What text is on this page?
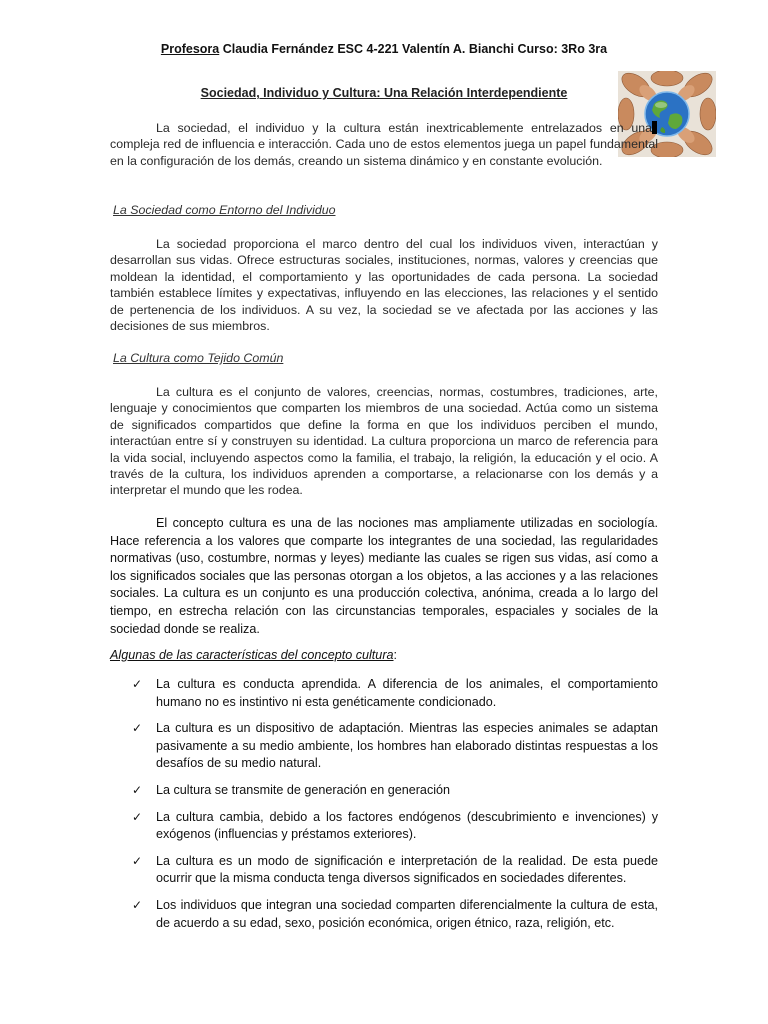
Profesora Claudia Fernández ESC 4-221 Valentín A. Bianchi Curso: 3Ro 3ra
Sociedad, Individuo y Cultura: Una Relación Interdependiente
La sociedad, el individuo y la cultura están inextricablemente entrelazados en una compleja red de influencia e interacción. Cada uno de estos elementos juega un papel fundamental en la configuración de los demás, creando un sistema dinámico y en constante evolución.
La Sociedad como Entorno del Individuo
La sociedad proporciona el marco dentro del cual los individuos viven, interactúan y desarrollan sus vidas. Ofrece estructuras sociales, instituciones, normas, valores y creencias que moldean la identidad, el comportamiento y las oportunidades de cada persona. La sociedad también establece límites y expectativas, influyendo en las elecciones, las relaciones y el sentido de pertenencia de los individuos. A su vez, la sociedad se ve afectada por las acciones y las decisiones de sus miembros.
La Cultura como Tejido Común
La cultura es el conjunto de valores, creencias, normas, costumbres, tradiciones, arte, lenguaje y conocimientos que comparten los miembros de una sociedad. Actúa como un sistema de significados compartidos que define la forma en que los individuos perciben el mundo, interactúan entre sí y construyen su identidad. La cultura proporciona un marco de referencia para la vida social, incluyendo aspectos como la familia, el trabajo, la religión, la educación y el ocio. A través de la cultura, los individuos aprenden a comportarse, a relacionarse con los demás y a interpretar el mundo que les rodea.
El concepto cultura es una de las nociones mas ampliamente utilizadas en sociología. Hace referencia a los valores que comparte los integrantes de una sociedad, las regularidades normativas (uso, costumbre, normas y leyes) mediante las cuales se rigen sus vidas, así como a los significados sociales que las personas otorgan a los objetos, a las acciones y a las relaciones sociales. La cultura es un conjunto es una producción colectiva, anónima, creada a lo largo del tiempo, en estrecha relación con las circunstancias temporales, espaciales y sociales de la sociedad donde se realiza.
Algunas de las características del concepto cultura:
✓ La cultura es conducta aprendida. A diferencia de los animales, el comportamiento humano no es instintivo ni esta genéticamente condicionado.
✓ La cultura es un dispositivo de adaptación. Mientras las especies animales se adaptan pasivamente a su medio ambiente, los hombres han elaborado distintas respuestas a los desafíos de su medio natural.
✓ La cultura se transmite de generación en generación
✓ La cultura cambia, debido a los factores endógenos (descubrimiento e invenciones) y exógenos (influencias y préstamos exteriores).
✓ La cultura es un modo de significación e interpretación de la realidad. De esta puede ocurrir que la misma conducta tenga diversos significados en sociedades diferentes.
✓ Los individuos que integran una sociedad comparten diferencialmente la cultura de esta, de acuerdo a su edad, sexo, posición económica, origen étnico, raza, religión, etc.
